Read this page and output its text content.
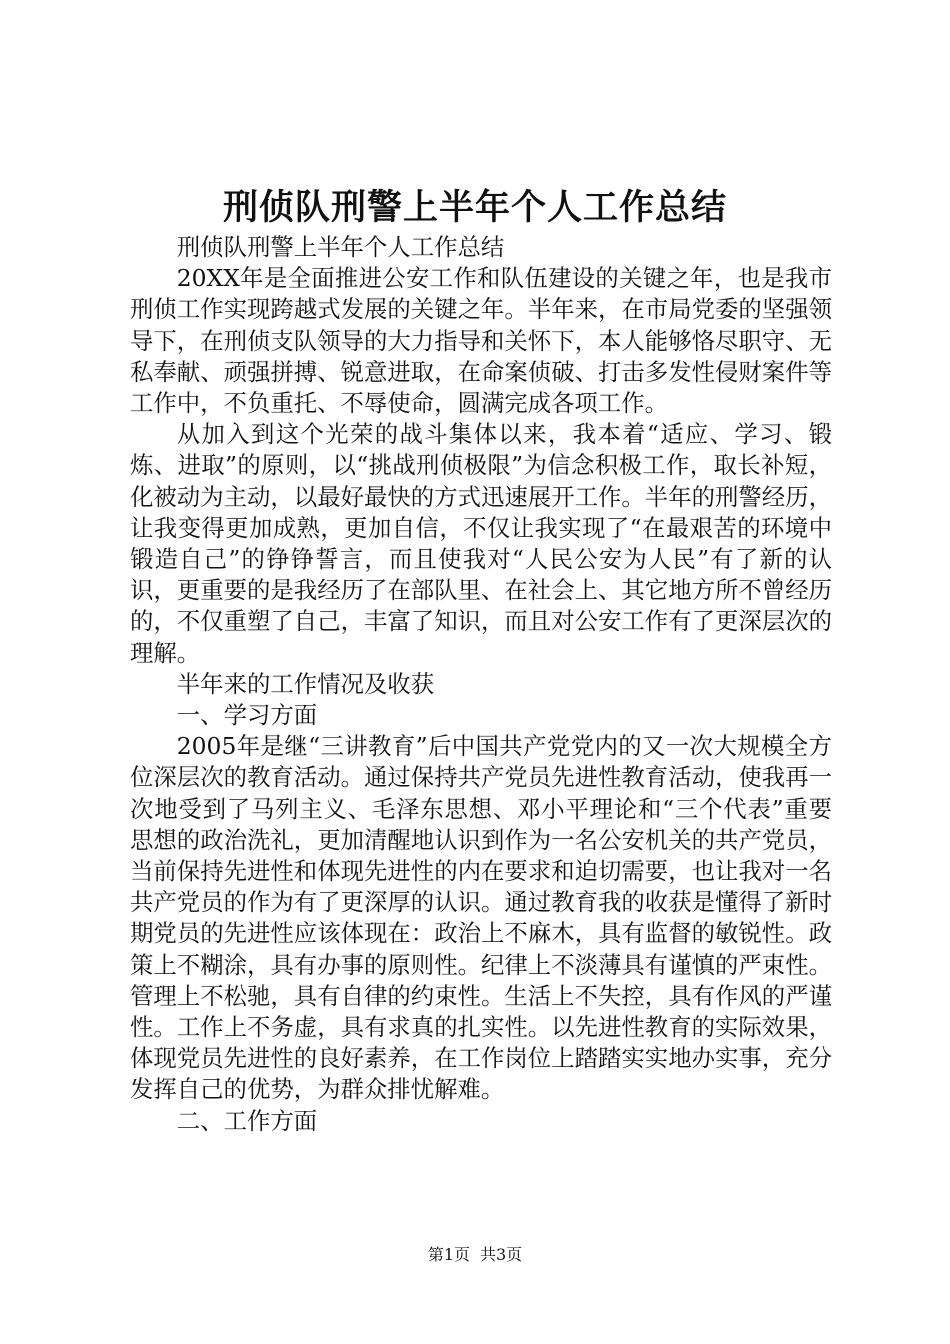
刑侦队刑警上半年个人工作总结

刑侦队刑警上半年个人工作总结

20XX年是全面推进公安工作和队伍建设的关键之年，也是我市刑侦工作实现跨越式发展的关键之年。半年来，在市局党委的坚强领导下，在刑侦支队领导的大力指导和关怀下，本人能够恪尽职守、无私奉献、顽强拼搏、锐意进取，在命案侦破、打击多发性侵财案件等工作中，不负重托、不辱使命，圆满完成各项工作。

从加入到这个光荣的战斗集体以来，我本着“适应、学习、锻炼、进取”的原则，以“挑战刑侦极限”为信念积极工作，取长补短，化被动为主动，以最好最快的方式迅速展开工作。半年的刑警经历，让我变得更加成熟，更加自信，不仅让我实现了“在最艰苦的环境中锻造自己”的铮铮誓言，而且使我对“人民公安为人民”有了新的认识，更重要的是我经历了在部队里、在社会上、其它地方所不曾经历的，不仅重塑了自己，丰富了知识，而且对公安工作有了更深层次的理解。

半年来的工作情况及收获

一、学习方面

2005年是继“三讲教育”后中国共产党党内的又一次大规模全方位深层次的教育活动。通过保持共产党员先进性教育活动，使我再一次地受到了马列主义、毛泽东思想、邓小平理论和“三个代表”重要思想的政治洗礼，更加清醒地认识到作为一名公安机关的共产党员，当前保持先进性和体现先进性的内在要求和迫切需要，也让我对一名共产党员的作为有了更深厚的认识。通过教育我的收获是懂得了新时期党员的先进性应该体现在：政治上不麻木，具有监督的敏锐性。政策上不糊涂，具有办事的原则性。纪律上不淡薄具有谨慎的严束性。管理上不松驰，具有自律的约束性。生活上不失控，具有作风的严谨性。工作上不务虚，具有求真的扎实性。以先进性教育的实际效果，体现党员先进性的良好素养，在工作岗位上踏踏实实地办实事，充分发挥自己的优势，为群众排忧解难。

二、工作方面

第1页 共3页
